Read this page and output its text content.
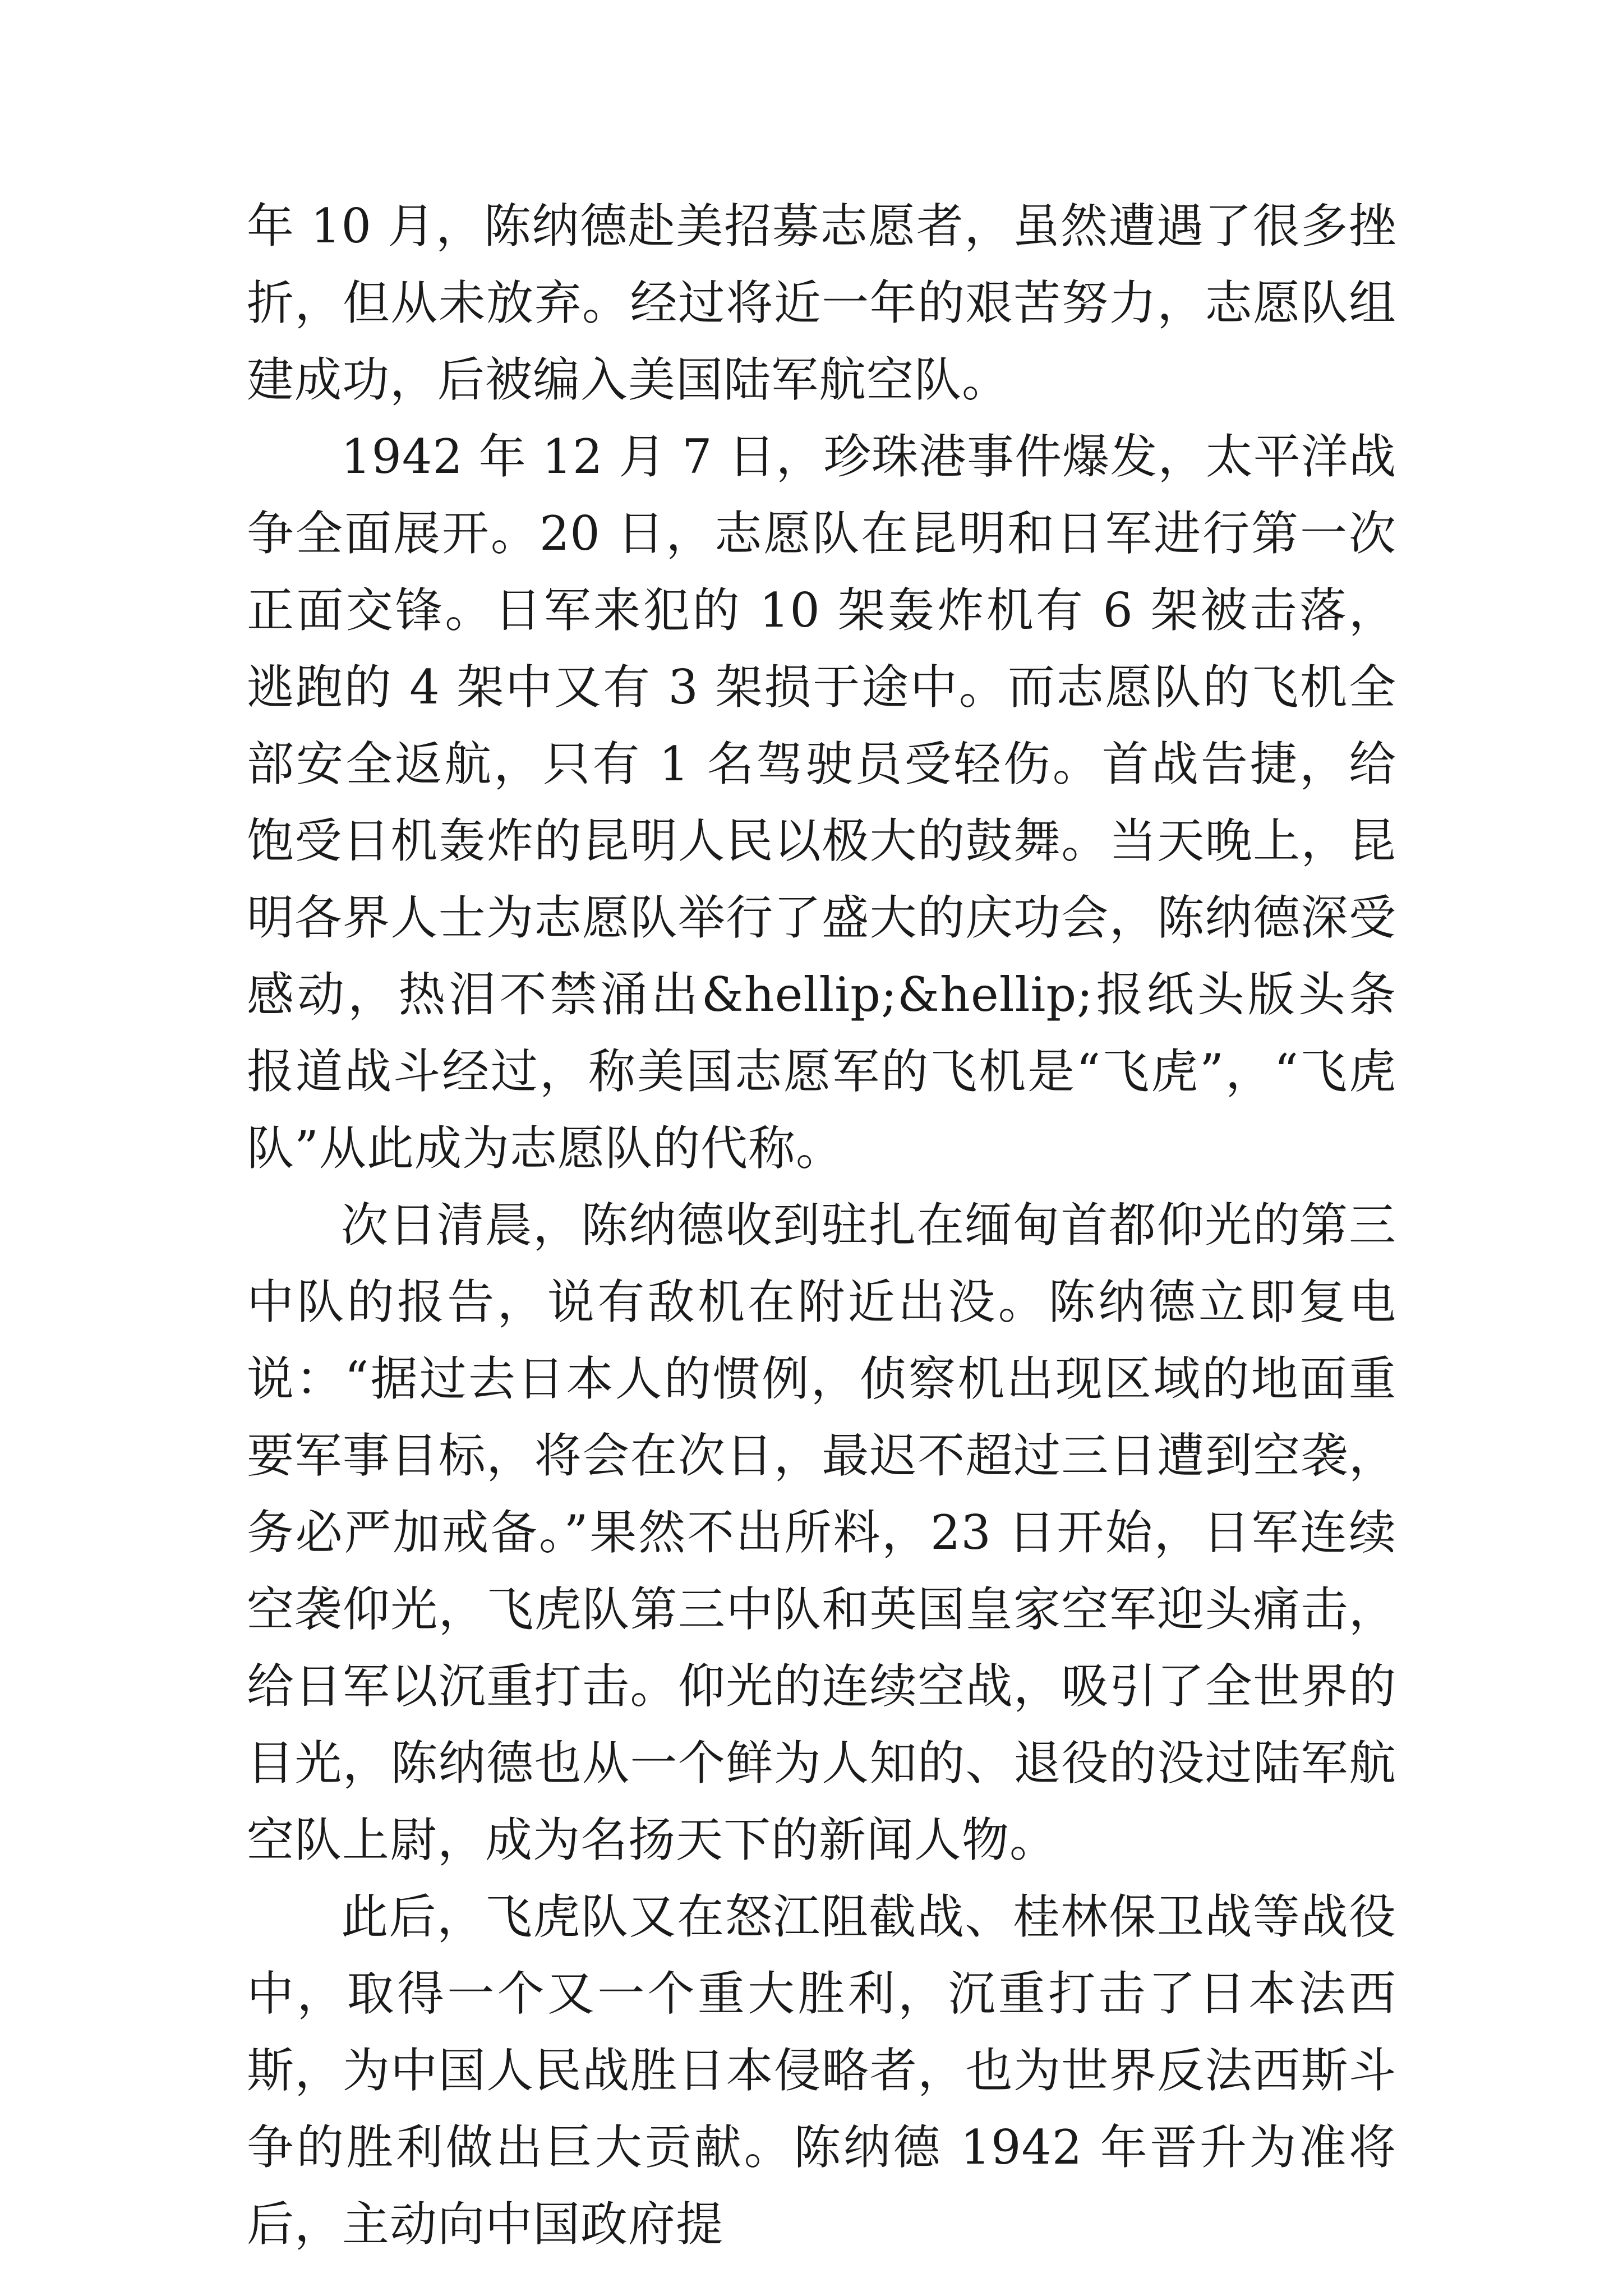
年 10 月，陈纳德赴美招募志愿者，虽然遭遇了很多挫折，但从未放弃。经过将近一年的艰苦努力，志愿队组建成功，后被编入美国陆军航空队。

1942 年 12 月 7 日，珍珠港事件爆发，太平洋战争全面展开。20 日，志愿队在昆明和日军进行第一次正面交锋。日军来犯的 10 架轰炸机有 6 架被击落，逃跑的 4 架中又有 3 架损于途中。而志愿队的飞机全部安全返航，只有 1 名驾驶员受轻伤。首战告捷，给饱受日机轰炸的昆明人民以极大的鼓舞。当天晚上，昆明各界人士为志愿队举行了盛大的庆功会，陈纳德深受感动，热泪不禁涌出&hellip;&hellip;报纸头版头条报道战斗经过，称美国志愿军的飞机是“飞虎”，“飞虎队”从此成为志愿队的代称。

次日清晨，陈纳德收到驻扎在缅甸首都仰光的第三中队的报告，说有敌机在附近出没。陈纳德立即复电说：“据过去日本人的惯例，侦察机出现区域的地面重要军事目标，将会在次日，最迟不超过三日遭到空袭，务必严加戒备。”果然不出所料，23 日开始，日军连续空袭仰光，飞虎队第三中队和英国皇家空军迎头痛击，给日军以沉重打击。仰光的连续空战，吸引了全世界的目光，陈纳德也从一个鲜为人知的、退役的没过陆军航空队上尉，成为名扬天下的新闻人物。

此后，飞虎队又在怒江阻截战、桂林保卫战等战役中，取得一个又一个重大胜利，沉重打击了日本法西斯，为中国人民战胜日本侵略者，也为世界反法西斯斗争的胜利做出巨大贡献。陈纳德 1942 年晋升为准将后，主动向中国政府提
